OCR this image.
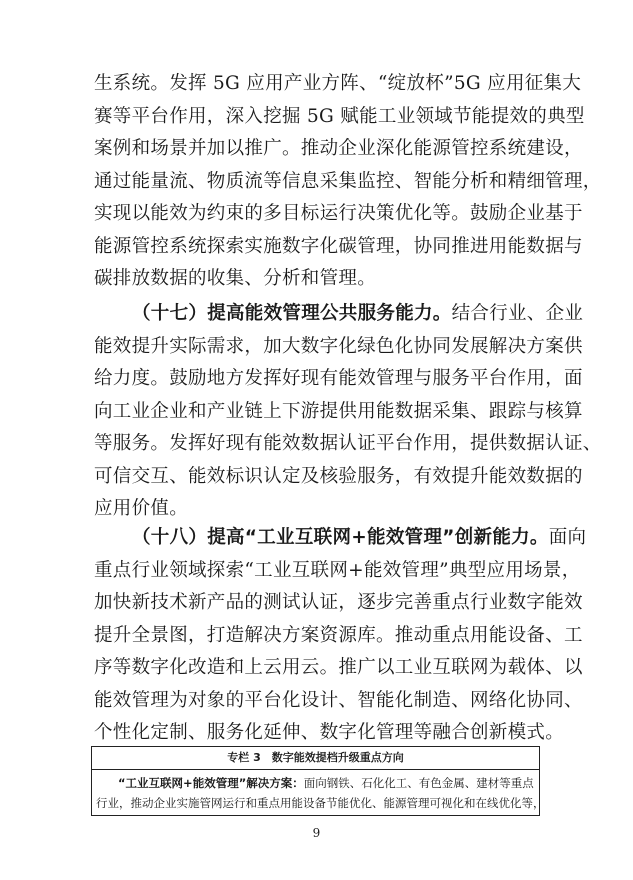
生系统。发挥 5G 应用产业方阵、“绽放杯”5G 应用征集大
赛等平台作用，深入挖掘 5G 赋能工业领域节能提效的典型
案例和场景并加以推广。推动企业深化能源管控系统建设，
通过能量流、物质流等信息采集监控、智能分析和精细管理，
实现以能效为约束的多目标运行决策优化等。鼓励企业基于
能源管控系统探索实施数字化碳管理，协同推进用能数据与
碳排放数据的收集、分析和管理。
（十七）提高能效管理公共服务能力。结合行业、企业
能效提升实际需求，加大数字化绿色化协同发展解决方案供
给力度。鼓励地方发挥好现有能效管理与服务平台作用，面
向工业企业和产业链上下游提供用能数据采集、跟踪与核算
等服务。发挥好现有能效数据认证平台作用，提供数据认证、
可信交互、能效标识认定及核验服务，有效提升能效数据的
应用价值。
（十八）提高“工业互联网+能效管理”创新能力。面向
重点行业领域探索“工业互联网+能效管理”典型应用场景，
加快新技术新产品的测试认证，逐步完善重点行业数字能效
提升全景图，打造解决方案资源库。推动重点用能设备、工
序等数字化改造和上云用云。推广以工业互联网为载体、以
能效管理为对象的平台化设计、智能化制造、网络化协同、
个性化定制、服务化延伸、数字化管理等融合创新模式。
专栏 3　数字能效提档升级重点方向
“工业互联网+能效管理”解决方案：面向钢铁、石化化工、有色金属、建材等重点
行业，推动企业实施管网运行和重点用能设备节能优化、能源管理可视化和在线优化等，
9
